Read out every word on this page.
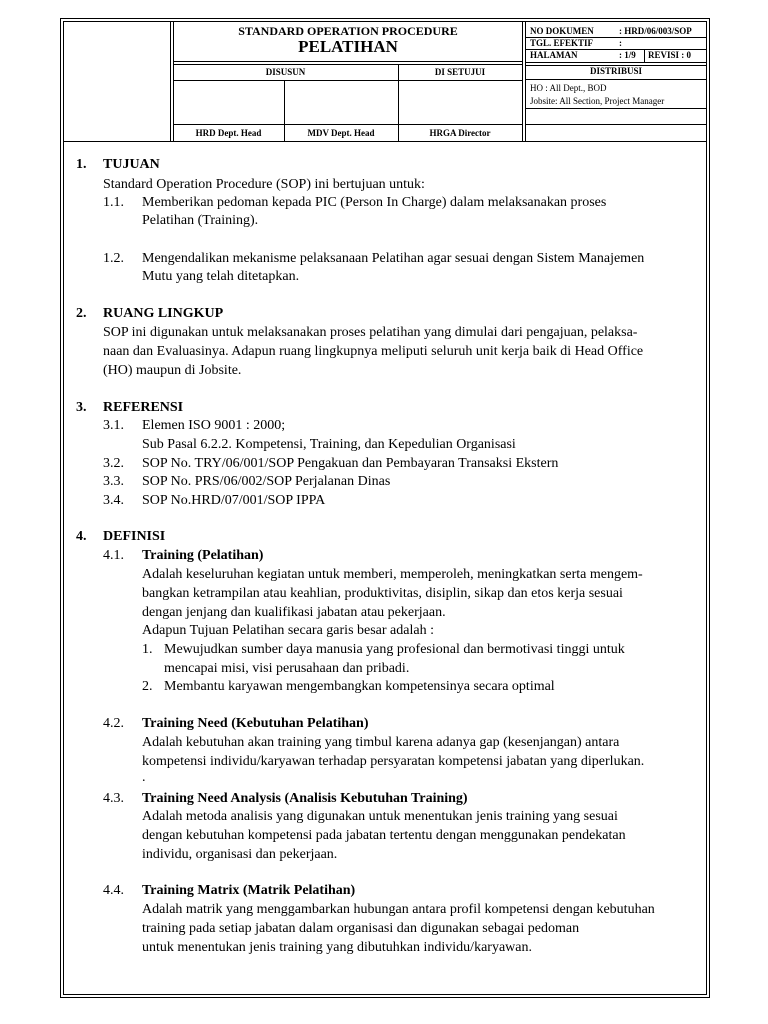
STANDARD OPERATION PROCEDURE
PELATIHAN
NO DOKUMEN	: HRD/06/003/SOP
TGL. EFEKTIF	:
HALAMAN	: 1/9 REVISI : 0
DISUSUN	DI SETUJUI	DISTRIBUSI
HO : All Dept., BOD
Jobsite: All Section, Project Manager
HRD Dept. Head	MDV Dept. Head	HRGA Director
1. TUJUAN
Standard Operation Procedure (SOP) ini bertujuan untuk:
1.1. Memberikan pedoman kepada PIC (Person In Charge) dalam melaksanakan proses
Pelatihan (Training).
1.2. Mengendalikan mekanisme pelaksanaan Pelatihan agar sesuai dengan Sistem Manajemen
Mutu yang telah ditetapkan.
2. RUANG LINGKUP
SOP ini digunakan untuk melaksanakan proses pelatihan yang dimulai dari pengajuan, pelaksa-
naan dan Evaluasinya. Adapun ruang lingkupnya meliputi seluruh unit kerja baik di Head Office
(HO) maupun di Jobsite.
3. REFERENSI
3.1. Elemen ISO 9001 : 2000;
Sub Pasal 6.2.2. Kompetensi, Training, dan Kepedulian Organisasi
3.2. SOP No. TRY/06/001/SOP Pengakuan dan Pembayaran Transaksi Ekstern
3.3. SOP No. PRS/06/002/SOP Perjalanan Dinas
3.4. SOP No.HRD/07/001/SOP IPPA
4. DEFINISI
4.1. Training (Pelatihan)
Adalah keseluruhan kegiatan untuk memberi, memperoleh, meningkatkan serta mengem-
bangkan ketrampilan atau keahlian, produktivitas, disiplin, sikap dan etos kerja sesuai
dengan jenjang dan kualifikasi jabatan atau pekerjaan.
Adapun Tujuan Pelatihan secara garis besar adalah :
1. Mewujudkan sumber daya manusia yang profesional dan bermotivasi tinggi untuk
mencapai misi, visi perusahaan dan pribadi.
2. Membantu karyawan mengembangkan kompetensinya secara optimal
4.2. Training Need (Kebutuhan Pelatihan)
Adalah kebutuhan akan training yang timbul karena adanya gap (kesenjangan) antara
kompetensi individu/karyawan terhadap persyaratan kompetensi jabatan yang diperlukan.
.
4.3. Training Need Analysis (Analisis Kebutuhan Training)
Adalah metoda analisis yang digunakan untuk menentukan jenis training yang sesuai
dengan kebutuhan kompetensi pada jabatan tertentu dengan menggunakan pendekatan
individu, organisasi dan pekerjaan.
4.4. Training Matrix (Matrik Pelatihan)
Adalah matrik yang menggambarkan hubungan antara profil kompetensi dengan kebutuhan
training pada setiap jabatan dalam organisasi dan digunakan sebagai pedoman
untuk menentukan jenis training yang dibutuhkan individu/karyawan.
